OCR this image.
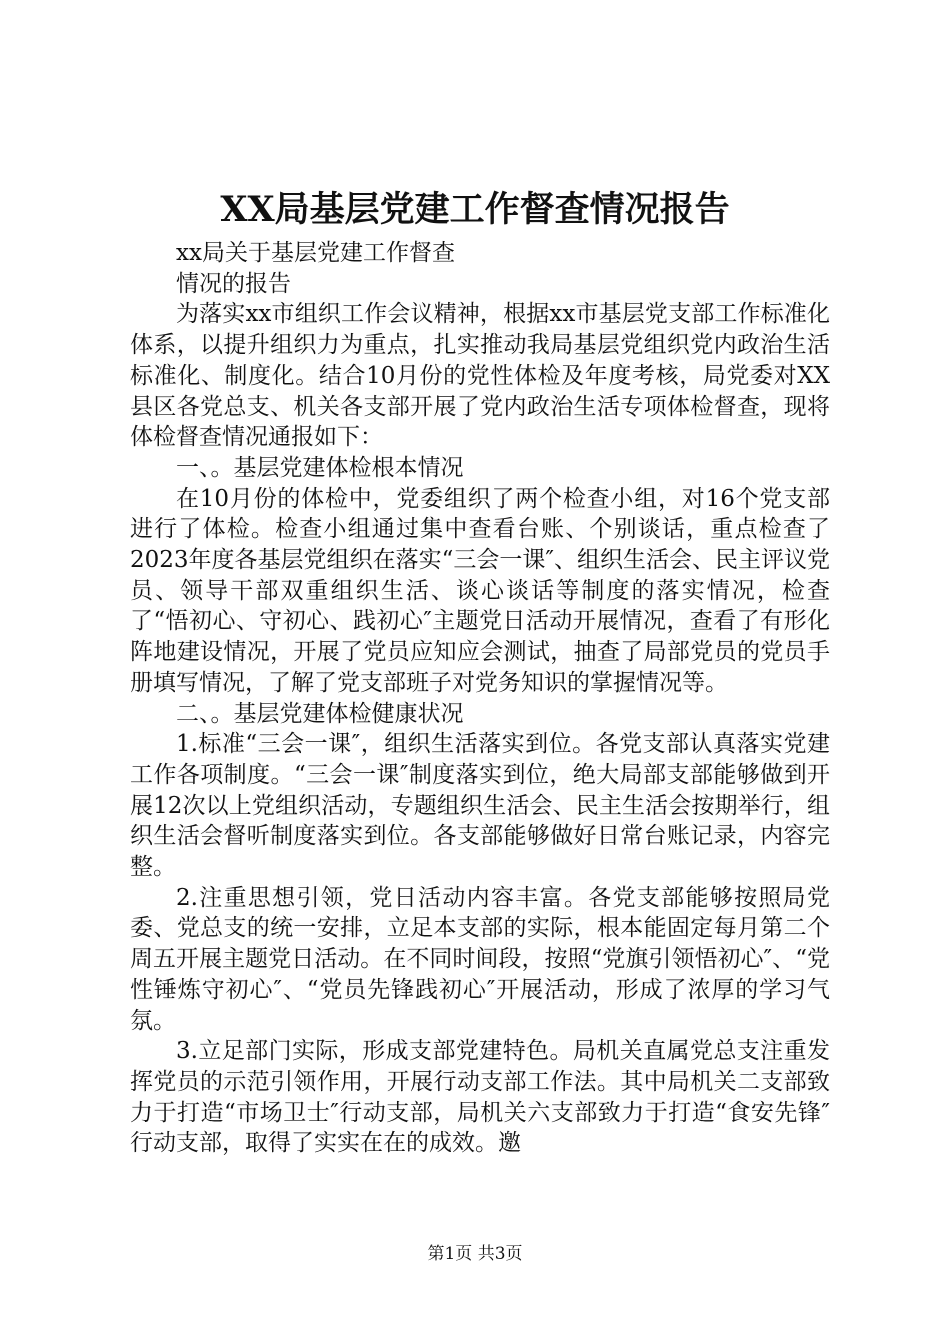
XX局基层党建工作督查情况报告

xx局关于基层党建工作督查

情况的报告

为落实xx市组织工作会议精神，根据xx市基层党支部工作标准化体系，以提升组织力为重点，扎实推动我局基层党组织党内政治生活标准化、制度化。结合10月份的党性体检及年度考核，局党委对XX县区各党总支、机关各支部开展了党内政治生活专项体检督查，现将体检督查情况通报如下：

一、。基层党建体检根本情况

在10月份的体检中，党委组织了两个检查小组，对16个党支部进行了体检。检查小组通过集中查看台账、个别谈话，重点检查了2023年度各基层党组织在落实“三会一课″、组织生活会、民主评议党员、领导干部双重组织生活、谈心谈话等制度的落实情况，检查了“悟初心、守初心、践初心″主题党日活动开展情况，查看了有形化阵地建设情况，开展了党员应知应会测试，抽查了局部党员的党员手册填写情况，了解了党支部班子对党务知识的掌握情况等。

二、。基层党建体检健康状况

1.标准“三会一课″，组织生活落实到位。各党支部认真落实党建工作各项制度。“三会一课″制度落实到位，绝大局部支部能够做到开展12次以上党组织活动，专题组织生活会、民主生活会按期举行，组织生活会督听制度落实到位。各支部能够做好日常台账记录，内容完整。

2.注重思想引领，党日活动内容丰富。各党支部能够按照局党委、党总支的统一安排，立足本支部的实际，根本能固定每月第二个周五开展主题党日活动。在不同时间段，按照“党旗引领悟初心″、“党性锤炼守初心″、“党员先锋践初心″开展活动，形成了浓厚的学习气氛。

3.立足部门实际，形成支部党建特色。局机关直属党总支注重发挥党员的示范引领作用，开展行动支部工作法。其中局机关二支部致力于打造“市场卫士″行动支部，局机关六支部致力于打造“食安先锋″行动支部，取得了实实在在的成效。邀

第1页 共3页
